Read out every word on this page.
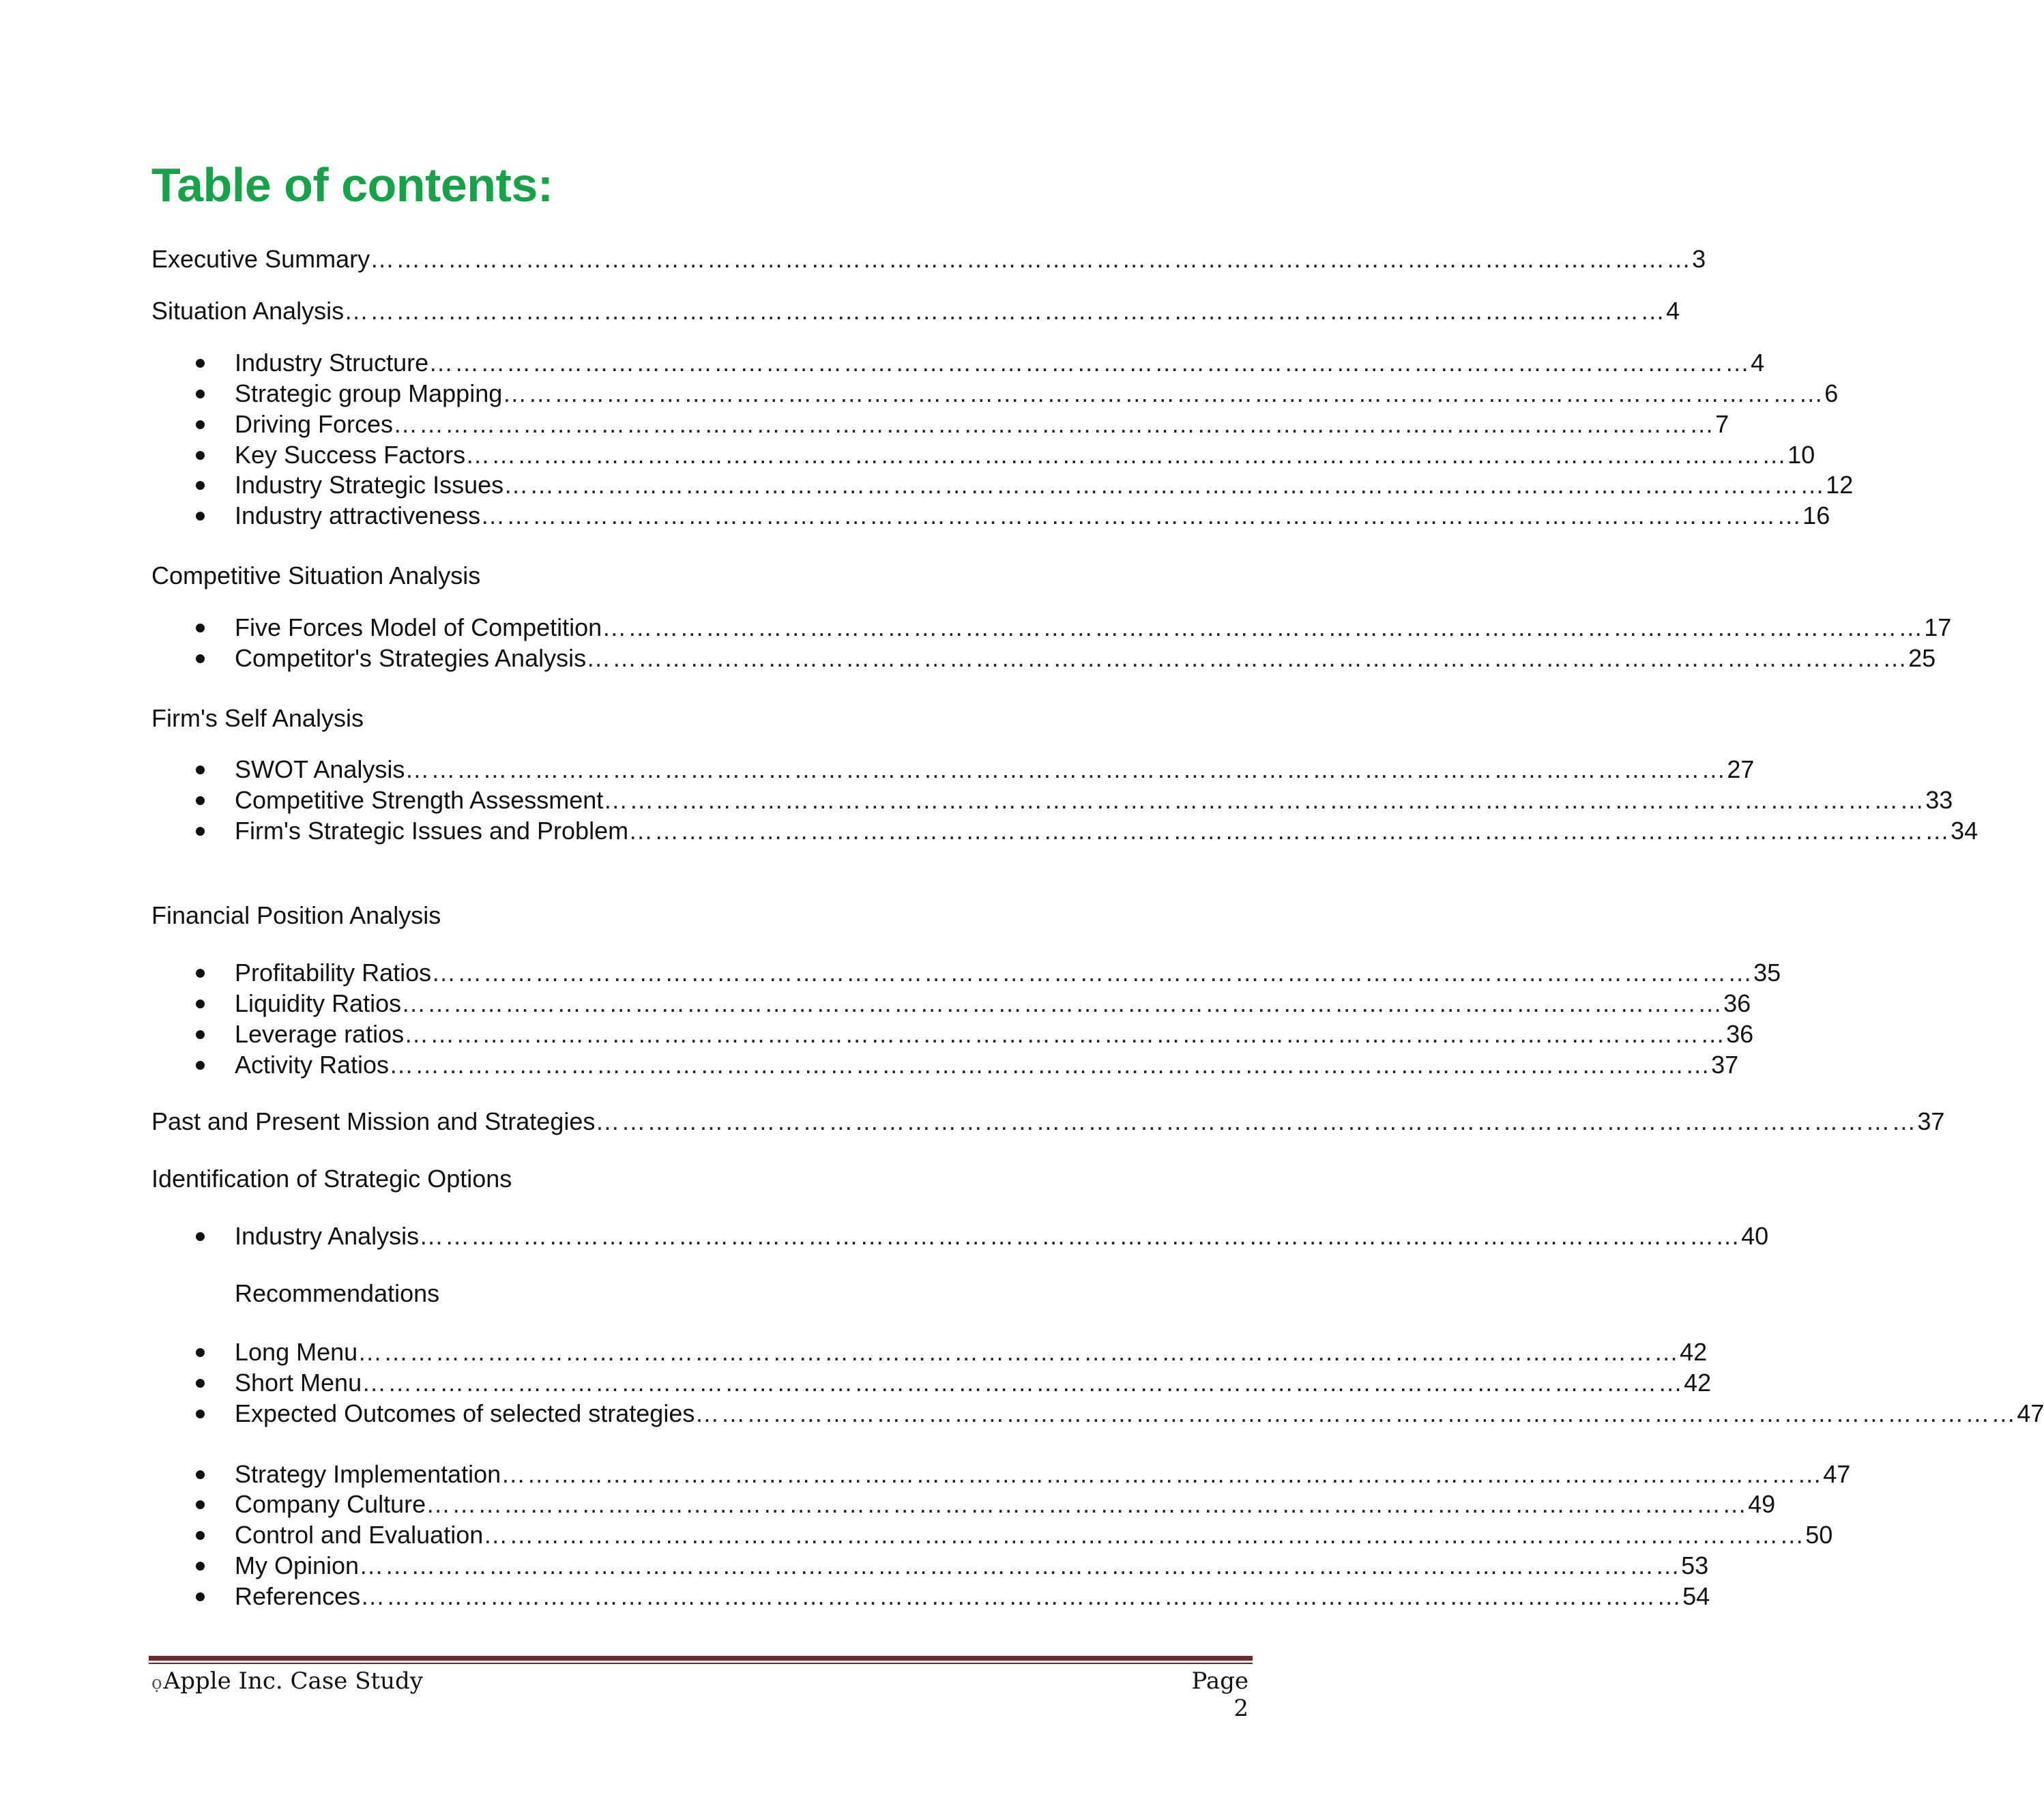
Table of contents:
Executive Summary ……………………………………………………………………………………………………………………………………… 3
Situation Analysis ……………………………………………………………………………………………………………………………………… 4
Industry Structure ……………………………………………………………………………………………………………………………………… 4
Strategic group Mapping ……………………………………………………………………………………………………………………………………… 6
Driving Forces ……………………………………………………………………………………………………………………………………… 7
Key Success Factors ……………………………………………………………………………………………………………………………………… 10
Industry Strategic Issues ……………………………………………………………………………………………………………………………………… 12
Industry attractiveness ……………………………………………………………………………………………………………………………………… 16
Competitive Situation Analysis
Five Forces Model of Competition ……………………………………………………………………………………………………………………………………… 17
Competitor's Strategies Analysis ……………………………………………………………………………………………………………………………………… 25
Firm's Self Analysis
SWOT Analysis ……………………………………………………………………………………………………………………………………… 27
Competitive Strength Assessment ……………………………………………………………………………………………………………………………………… 33
Firm's Strategic Issues and Problem ……………………………………………………………………………………………………………………………………… 34
Financial Position Analysis
Profitability Ratios ……………………………………………………………………………………………………………………………………… 35
Liquidity Ratios ……………………………………………………………………………………………………………………………………… 36
Leverage ratios ……………………………………………………………………………………………………………………………………… 36
Activity Ratios ……………………………………………………………………………………………………………………………………… 37
Past and Present Mission and Strategies ……………………………………………………………………………………………………………………………………… 37
Identification of Strategic Options
Industry Analysis ……………………………………………………………………………………………………………………………………… 40
Recommendations
Long Menu ……………………………………………………………………………………………………………………………………… 42
Short Menu ……………………………………………………………………………………………………………………………………… 42
Expected Outcomes of selected strategies ……………………………………………………………………………………………………………………………………… 47
Strategy Implementation ……………………………………………………………………………………………………………………………………… 47
Company Culture ……………………………………………………………………………………………………………………………………… 49
Control and Evaluation ……………………………………………………………………………………………………………………………………… 50
My Opinion ……………………………………………………………………………………………………………………………………… 53
References ……………………………………………………………………………………………………………………………………… 54
ọApple Inc. Case Study	Page 2
